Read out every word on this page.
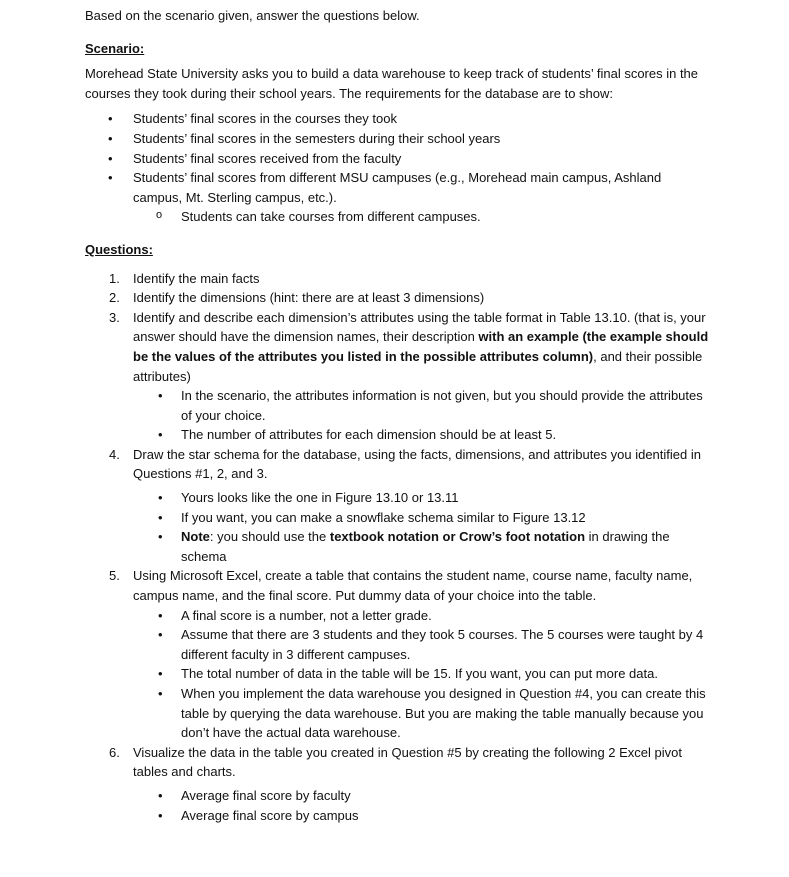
Based on the scenario given, answer the questions below.

Scenario:

Morehead State University asks you to build a data warehouse to keep track of students’ final scores in the courses they took during their school years. The requirements for the database are to show:

• Students’ final scores in the courses they took
• Students’ final scores in the semesters during their school years
• Students’ final scores received from the faculty
• Students’ final scores from different MSU campuses (e.g., Morehead main campus, Ashland campus, Mt. Sterling campus, etc.).
o Students can take courses from different campuses.

Questions:

1. Identify the main facts
2. Identify the dimensions (hint: there are at least 3 dimensions)
3. Identify and describe each dimension’s attributes using the table format in Table 13.10. (that is, your answer should have the dimension names, their description with an example (the example should be the values of the attributes you listed in the possible attributes column), and their possible attributes)
• In the scenario, the attributes information is not given, but you should provide the attributes of your choice.
• The number of attributes for each dimension should be at least 5.
4. Draw the star schema for the database, using the facts, dimensions, and attributes you identified in Questions #1, 2, and 3.
• Yours looks like the one in Figure 13.10 or 13.11
• If you want, you can make a snowflake schema similar to Figure 13.12
• Note: you should use the textbook notation or Crow’s foot notation in drawing the schema
5. Using Microsoft Excel, create a table that contains the student name, course name, faculty name, campus name, and the final score. Put dummy data of your choice into the table.
• A final score is a number, not a letter grade.
• Assume that there are 3 students and they took 5 courses. The 5 courses were taught by 4 different faculty in 3 different campuses.
• The total number of data in the table will be 15. If you want, you can put more data.
• When you implement the data warehouse you designed in Question #4, you can create this table by querying the data warehouse. But you are making the table manually because you don’t have the actual data warehouse.
6. Visualize the data in the table you created in Question #5 by creating the following 2 Excel pivot tables and charts.
• Average final score by faculty
• Average final score by campus
